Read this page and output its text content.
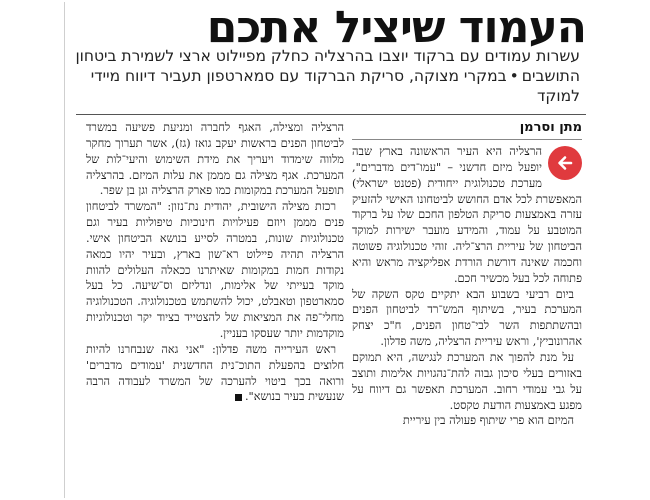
העמוד שיציל אתכם
עשרות עמודים עם ברקוד יוצבו בהרצליה כחלק מפיילוט ארצי לשמירת ביטחון התושבים•במקרי מצוקה, סריקת הברקוד עם סמארטפון תעביר דיווח מיידי למוקד
מתן וסרמן

הרצליה היא העיר הראשונה בארץ שבה יופעל מיזם חדשני – "עמו־דים מדברים", מערכת טכנולוגית ייחודית (פטנט ישראלי) המאפשרת לכל אדם החושש לביטחונו האישי להזעיק עזרה באמצעות סריקת הטלפון החכם שלו על ברקוד המוטבע על עמוד, והמידע מועבר ישירות למוקד הביטחון של עיריית הרצ־ליה. זוהי טכנולוגיה פשוטה וחכמה שאינה דורשת הורדת אפליקציה מראש והיא פתוחה לכל בעל מכשיר חכם.

ביום רביעי בשבוע הבא יתקיים טקס השקה של המערכת בעיר, בשיתוף המש־רד לביטחון הפנים ובהשתתפות השר לבי־טחון הפנים, ח"כ יצחק אהרונוביץ', וראש עיריית הרצליה, משה פדלון.

על מנת להפוך את המערכת לנגישה, היא תמוקם באזורים בעלי סיכון גבוה להת־נהגויות אלימות ותוצב על גבי עמודי רחוב. המערכת תאפשר גם דיווח על מפגע באמצעות הודעת טקסט.

המיזם הוא פרי שיתוף פעולה בין עיריית

הרצליה ומצילה, האגף לחברה ומניעת פשיעה במשרד לביטחון הפנים בראשות יעקב גואז (גז), אשר תערוך מחקר מלווה שימדוד ויעריך את מידת השימוש והיעי־לות של המערכת. אגף מצילה גם מממן את עלות המיזם. בהרצליה תופעל המערכת במקומות כמו פארק הרצליה וגן בן שפר.

רכזת מצילה הישובית, יהודית נת־נזון: "המשרד לביטחון פנים מממן ויוזם פעילויות חינוכיות טיפוליות בעיר וגם טכנולוגיות שונות, במטרה לסייע בנושא הביטחון אישי. הרצליה תהיה פיילוט רא־שון בארץ, ובעיר יהיו כמאה נקודות חמות במקומות שאיתרנו ככאלה העלולים להוות מוקד בעייתי של אלימות, ונדליזם וס־שיעה. כל בעל סמארטפון וטאבלט, יכול להשתמש בטכנולוגיה. הטכנולוגיה מחלי־פה את המציאות של להצטייד בציוד יקר וטכנולוגיות מוקדמות יותר שעסקו בעניין.

ראש העירייה משה פדלון: "אני גאה שנבחרנו להיות חלוצים בהפעלת התוכ־נית החדשנית 'עמודים מדברים' ורואה בכך ביטוי להערכה של המשרד לעבודה הרבה שנעשית בעיר בנושא".
